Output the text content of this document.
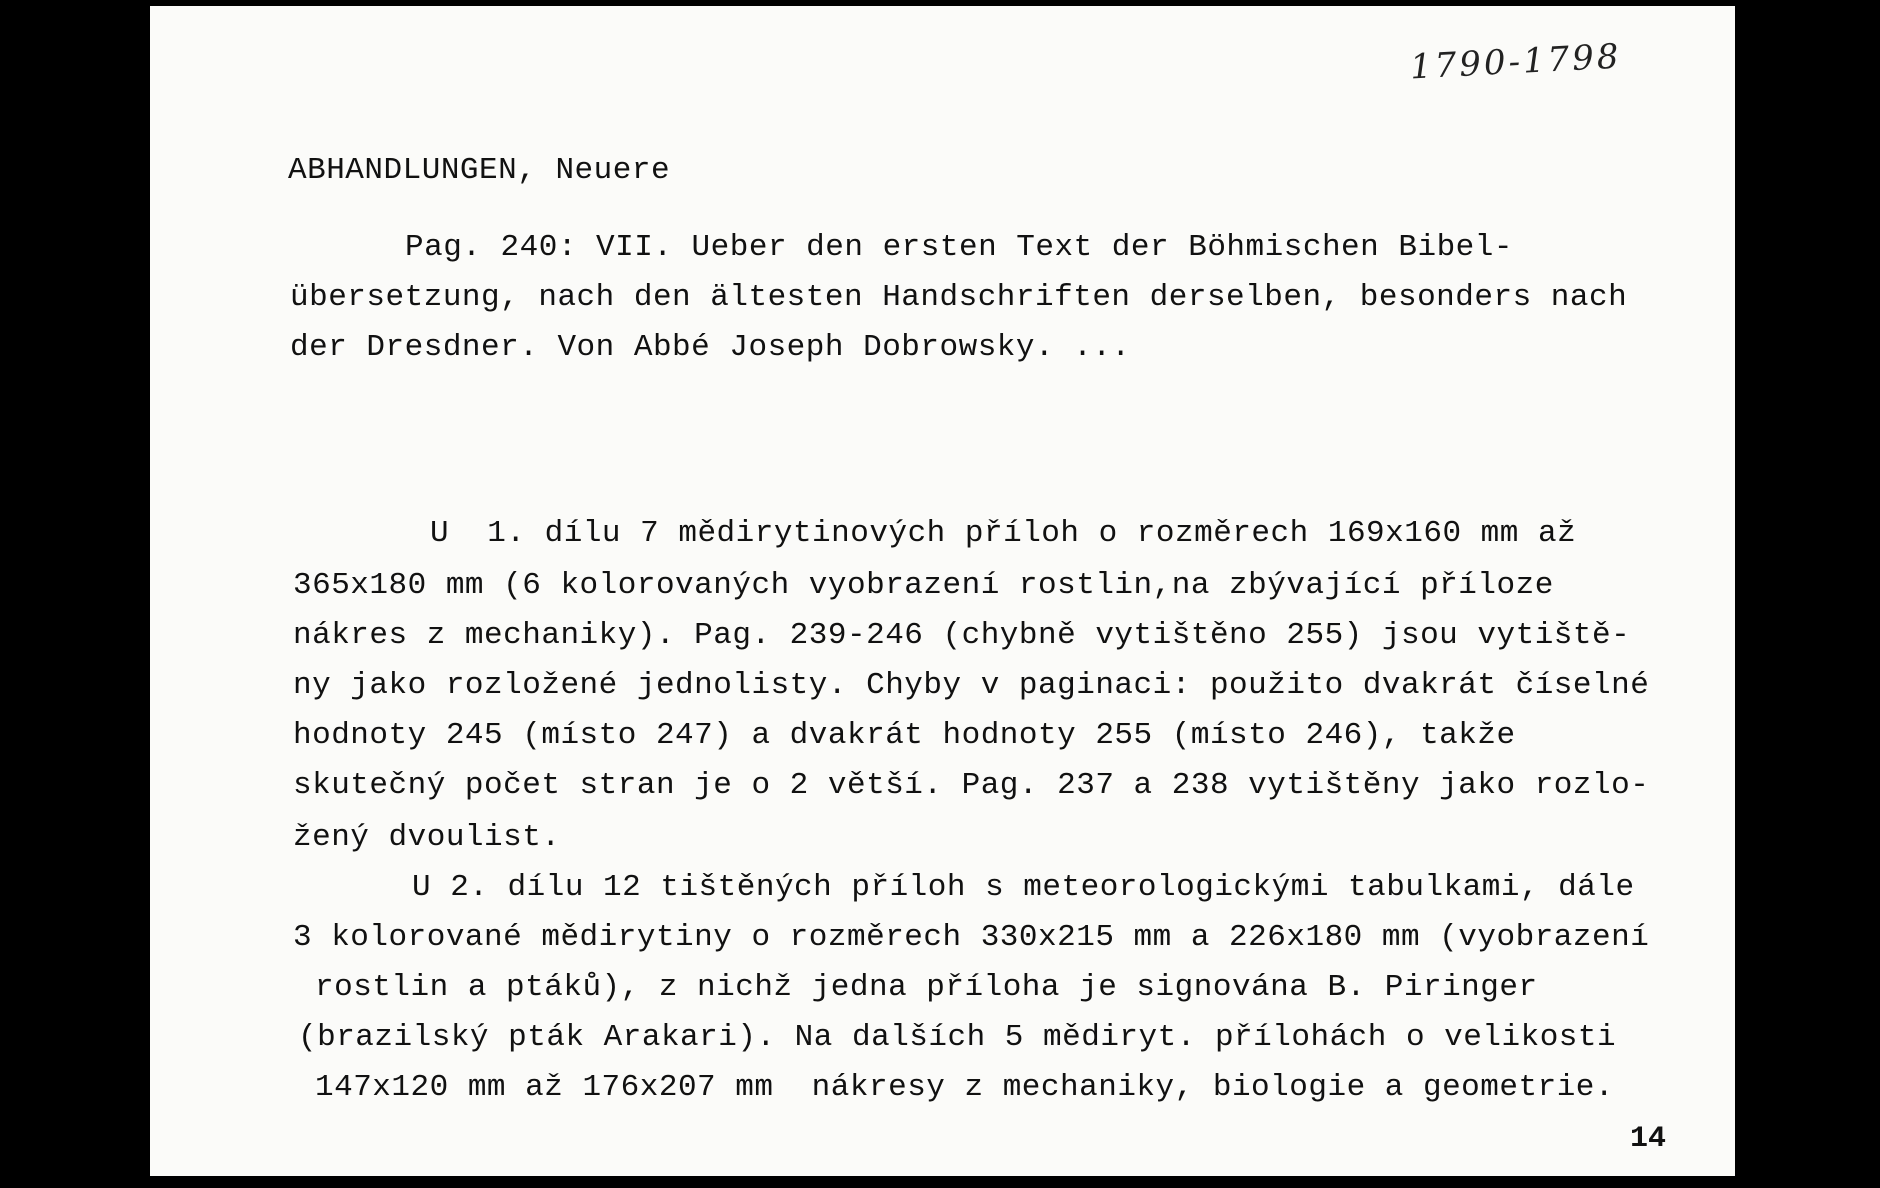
1790-1798
ABHANDLUNGEN, Neuere
Pag. 240: VII. Ueber den ersten Text der Böhmischen Bibel-
übersetzung, nach den ältesten Handschriften derselben, besonders nach
der Dresdner. Von Abbé Joseph Dobrowsky. ...
U  1. dílu 7 mědirytinových příloh o rozměrech 169x160 mm až
365x180 mm (6 kolorovaných vyobrazení rostlin,na zbývající příloze
nákres z mechaniky). Pag. 239-246 (chybně vytištěno 255) jsou vytiště-
ny jako rozložené jednolisty. Chyby v paginaci: použito dvakrát číselné
hodnoty 245 (místo 247) a dvakrát hodnoty 255 (místo 246), takže
skutečný počet stran je o 2 větší. Pag. 237 a 238 vytištěny jako rozlo-
žený dvoulist.
U 2. dílu 12 tištěných příloh s meteorologickými tabulkami, dále
3 kolorované mědirytiny o rozměrech 330x215 mm a 226x180 mm (vyobrazení
rostlin a ptáků), z nichž jedna příloha je signována B. Piringer
(brazilský pták Arakari). Na dalších 5 mědiryt. přílohách o velikosti
147x120 mm až 176x207 mm  nákresy z mechaniky, biologie a geometrie.
14
